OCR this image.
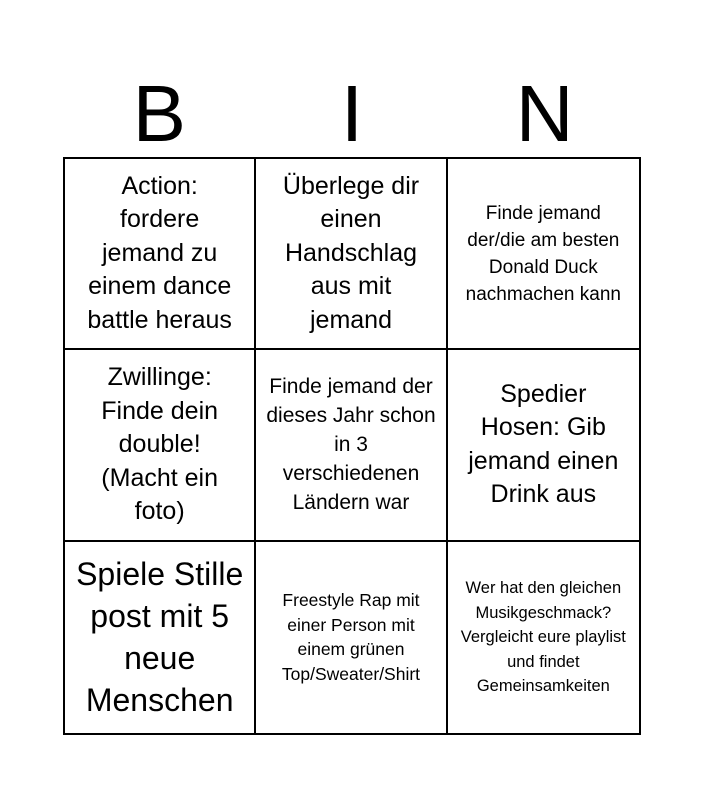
B	I	N
Action: fordere jemand zu einem dance battle heraus
Überlege dir einen Handschlag aus mit jemand
Finde jemand der/die am besten Donald Duck nachmachen kann
Zwillinge: Finde dein double! (Macht ein foto)
Finde jemand der dieses Jahr schon in 3 verschiedenen Ländern war
Spedier Hosen: Gib jemand einen Drink aus
Spiele Stille post mit 5 neue Menschen
Freestyle Rap mit einer Person mit einem grünen Top/Sweater/Shirt
Wer hat den gleichen Musikgeschmack? Vergleicht eure playlist und findet Gemeinsamkeiten
